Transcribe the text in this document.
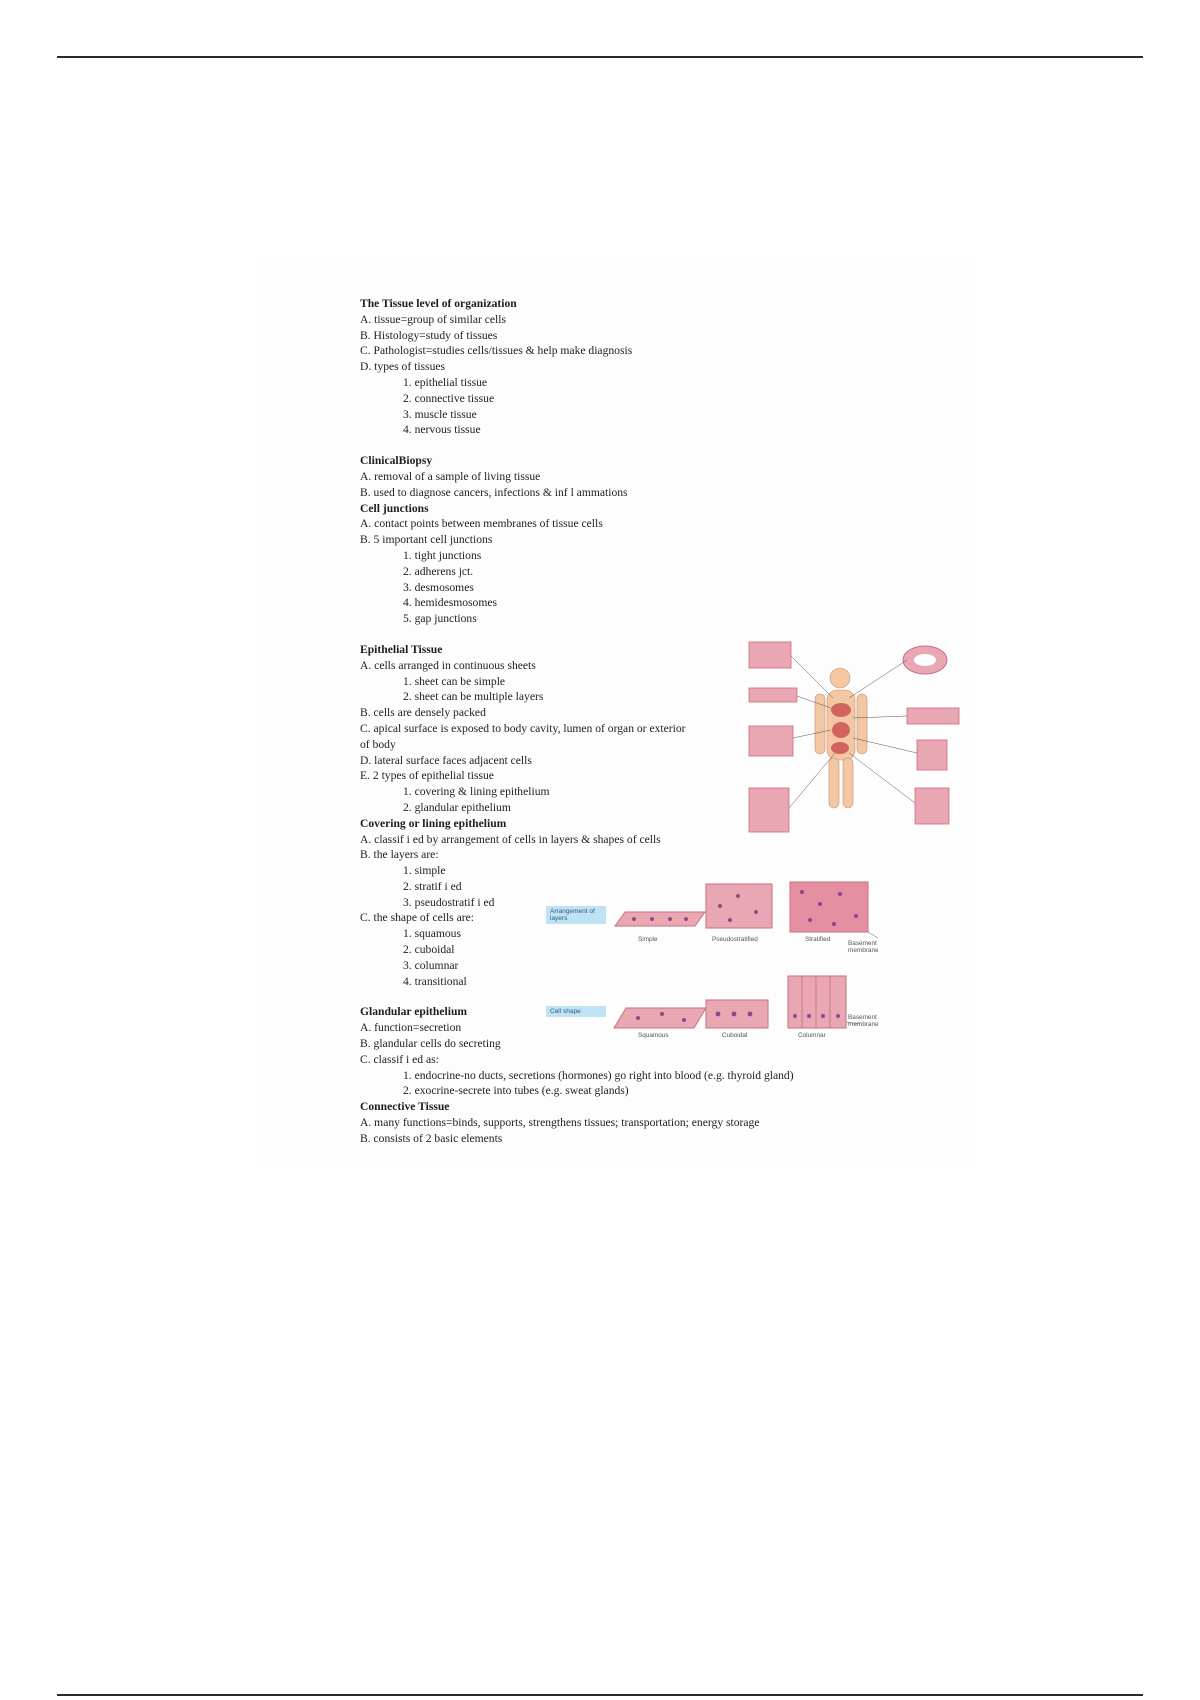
The Tissue level of organization
A. tissue=group of similar cells
B. Histology=study of tissues
C. Pathologist=studies cells/tissues & help make diagnosis
D. types of tissues
1. epithelial tissue
2. connective tissue
3. muscle tissue
4. nervous tissue
ClinicalBiopsy
A. removal of a sample of living tissue
B. used to diagnose cancers, infections & inf l ammations
Cell junctions
A. contact points between membranes of tissue cells
B. 5 important cell junctions
1. tight junctions
2. adherens jct.
3. desmosomes
4. hemidesmosomes
5. gap junctions
Epithelial Tissue
A. cells arranged in continuous sheets
1. sheet can be simple
2. sheet can be multiple layers
B. cells are densely packed
C. apical surface is exposed to body cavity, lumen of organ or exterior
of body
D. lateral surface faces adjacent cells
E. 2 types of epithelial tissue
1. covering & lining epithelium
2. glandular epithelium
Covering or lining epithelium
A. classif i ed by arrangement of cells in layers & shapes of cells
B. the layers are:
1. simple
2. stratif i ed
3. pseudostratif i ed
C. the shape of cells are:
1. squamous
2. cuboidal
3. columnar
4. transitional
Glandular epithelium
A. function=secretion
B. glandular cells do secreting
C. classif i ed as:
1. endocrine-no ducts, secretions (hormones) go right into blood (e.g. thyroid gland)
2. exocrine-secrete into tubes (e.g. sweat glands)
Connective Tissue
A. many functions=binds, supports, strengthens tissues; transportation; energy storage
B. consists of 2 basic elements
Arrangement of layers
Simple	Pseudostratified	Stratified
Basement membrane
Cell shape
Squamous	Cuboidal	Columnar
Basement membrane
